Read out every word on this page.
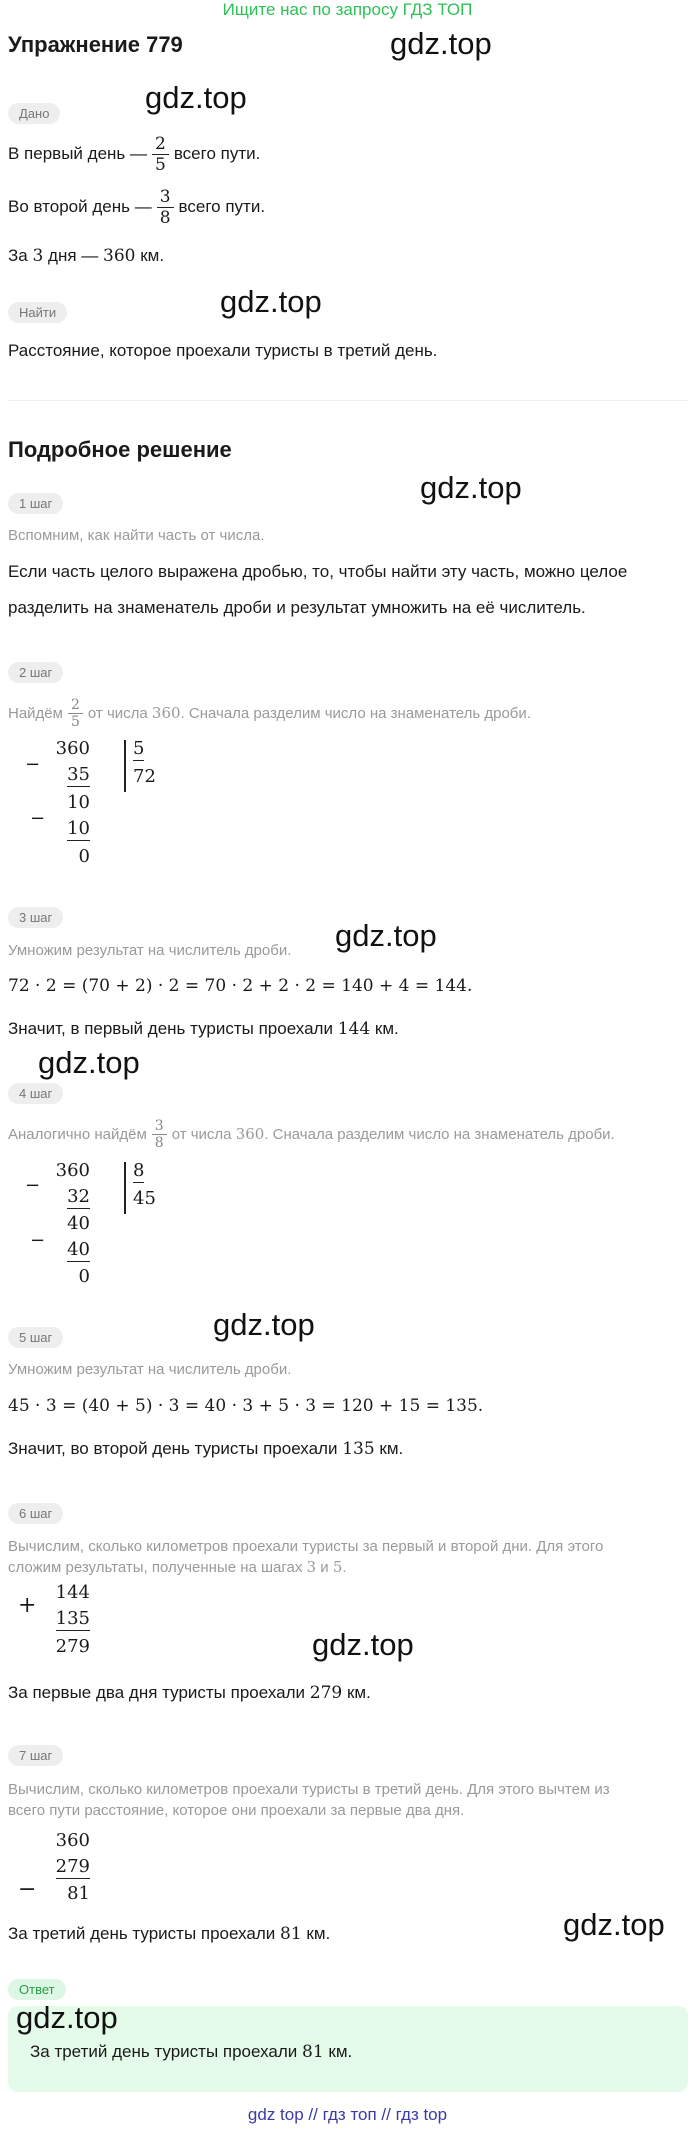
Ищите нас по запросу ГДЗ ТОП
Упражнение 779	gdz.top
Дано	gdz.top
В первый день — $\frac{2}{5}$ всего пути.
Во второй день — $\frac{3}{8}$ всего пути.
За 3 дня — 360 км.
Найти	gdz.top
Расстояние, которое проехали туристы в третий день.
Подробное решение
gdz.top
1 шаг
Вспомним, как найти часть от числа.
Если часть целого выражена дробью, то, чтобы найти эту часть, можно целое
разделить на знаменатель дроби и результат умножить на её числитель.
2 шаг
Найдём $\frac{2}{5}$ от числа
360 . Сначала разделим число на знаменатель дроби.
−
−
360
35
10
10
0
5
72
3 шаг
gdz.top
Умножим результат на числитель дроби.
72 · 2 = (70 + 2) · 2 = 70 · 2 + 2 · 2 = 140 + 4 = 144.
Значит, в первый день туристы проехали 144 км.
gdz.top
4 шаг
Аналогично найдём $\frac{3}{8}$ от числа
360 . Сначала разделим число на знаменатель дроби.
−
−
360
32
40
40
0
8
45
5 шаг	gdz.top
Умножим результат на числитель дроби.
45 · 3 = (40 + 5) · 3 = 40 · 3 + 5 · 3 = 120 + 15 = 135.
Значит, во второй день туристы проехали 135 км.
6 шаг
Вычислим, сколько километров проехали туристы за первый и второй дни. Для этого
сложим результаты, полученные на шагах 3 и 5.
+
144
135
279	gdz.top
За первые два дня туристы проехали 279 км.
7 шаг
Вычислим, сколько километров проехали туристы в третий день. Для этого вычтем из
всего пути расстояние, которое они проехали за первые два дня.
−
360
279
81
За третий день туристы проехали 81 км.	gdz.top
Ответ
gdz.top
За третий день туристы проехали 81 км.
gdz top // гдз топ // гдз top
